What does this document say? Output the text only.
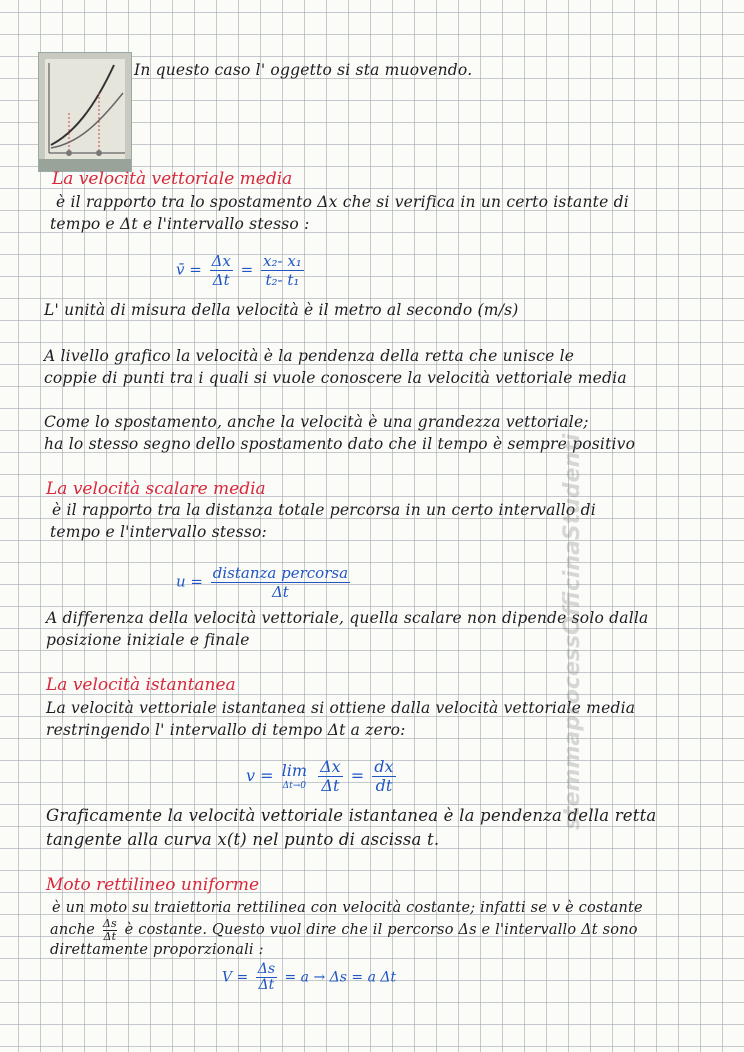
In questo caso l' oggetto si sta muovendo.
La velocità vettoriale media
è il rapporto tra lo spostamento Δx che si verifica in un certo istante di
tempo e Δt e l'intervallo stesso :
v̄ = $\frac{\Delta x}{\Delta t} = \frac{\text{x₂- x₁}}{\text{t₂- t₁}}$
L' unità di misura della velocità è il metro al secondo (m/s)
A livello grafico la velocità è la pendenza della retta che unisce le
coppie di punti tra i quali si vuole conoscere la velocità vettoriale media
Come lo spostamento, anche la velocità è una grandezza vettoriale;
ha lo stesso segno dello spostamento dato che il tempo è sempre positivo
La velocità scalare media
è il rapporto tra la distanza totale percorsa in un certo intervallo di
tempo e l'intervallo stesso:
$u = \frac{\text{distanza percorsa}}{\Delta t}$
A differenza della velocità vettoriale, quella scalare non dipende solo dalla
posizione iniziale e finale
La velocità istantanea
La velocità vettoriale istantanea si ottiene dalla velocità vettoriale media
restringendo l' intervallo di tempo Δt a zero:
v = lim
Δt→0
$\frac{\Delta x}{\Delta t} = \frac{dx}{dt}$
Graficamente la velocità vettoriale istantanea è la pendenza della retta
tangente alla curva x(t) nel punto di ascissa t.
Moto rettilineo uniforme
è un moto su traiettoria rettilinea con velocità costante; infatti se v è costante
anche $\frac{\Delta s}{\Delta t}$ è costante. Questo vuol dire che il percorso Δs e l'intervallo Δt sono
direttamente proporzionali :
$V = \frac{\Delta s}{\Delta t} = a \to \Delta s = a$ Δt
stemmaprocessOfficinaStudenti
